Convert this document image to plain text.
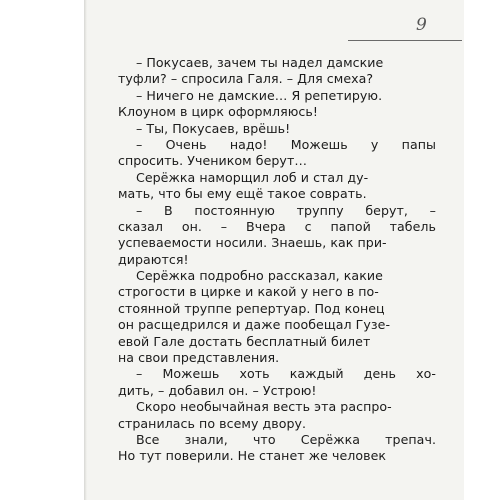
9
– Покусаев, зачем ты надел дамские
туфли? – спросила Галя. – Для смеха?
– Ничего не дамские… Я репетирую.
Клоуном в цирк оформляюсь!
– Ты, Покусаев, врёшь!
– Очень надо! Можешь у папы
спросить. Учеником берут…
Серёжка наморщил лоб и стал ду-
мать, что бы ему ещё такое соврать.
– В постоянную труппу берут, –
сказал он. – Вчера с папой табель
успеваемости носили. Знаешь, как при-
дираются!
Серёжка подробно рассказал, какие
строгости в цирке и какой у него в по-
стоянной труппе репертуар. Под конец
он расщедрился и даже пообещал Гузе-
евой Гале достать бесплатный билет
на свои представления.
– Можешь хоть каждый день хо-
дить, – добавил он. – Устрою!
Скоро необычайная весть эта распро-
странилась по всему двору.
Все знали, что Серёжка трепач.
Но тут поверили. Не станет же человек
